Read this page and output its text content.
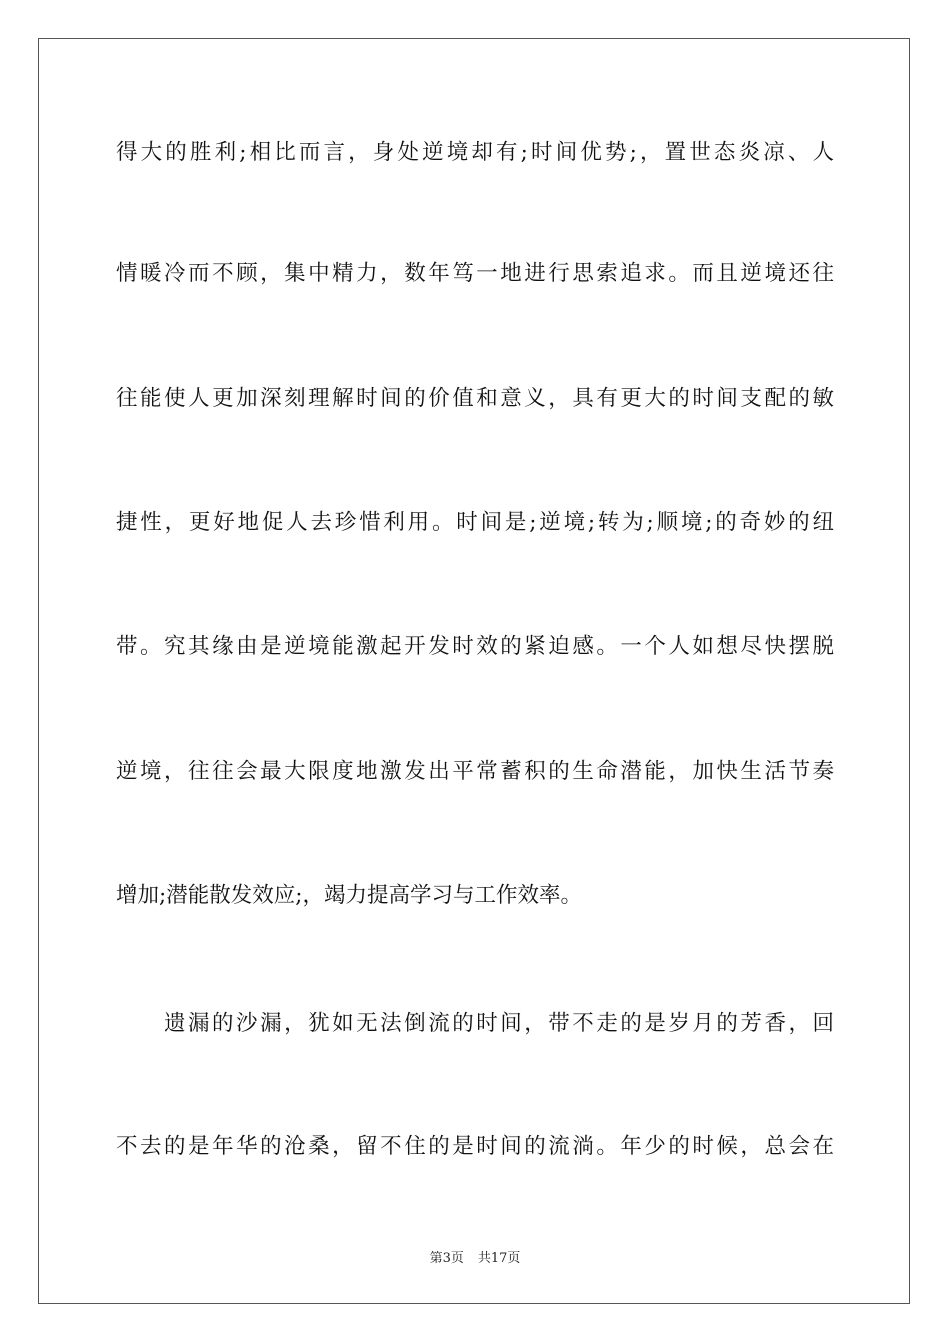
得大的胜利;相比而言，身处逆境却有;时间优势;，置世态炎凉、人
情暖冷而不顾，集中精力，数年笃一地进行思索追求。而且逆境还往
往能使人更加深刻理解时间的价值和意义，具有更大的时间支配的敏
捷性，更好地促人去珍惜利用。时间是;逆境;转为;顺境;的奇妙的纽
带。究其缘由是逆境能激起开发时效的紧迫感。一个人如想尽快摆脱
逆境，往往会最大限度地激发出平常蓄积的生命潜能，加快生活节奏
增加;潜能散发效应;，竭力提高学习与工作效率。
遗漏的沙漏，犹如无法倒流的时间，带不走的是岁月的芳香，回
不去的是年华的沧桑，留不住的是时间的流淌。年少的时候，总会在
第3页 共17页
